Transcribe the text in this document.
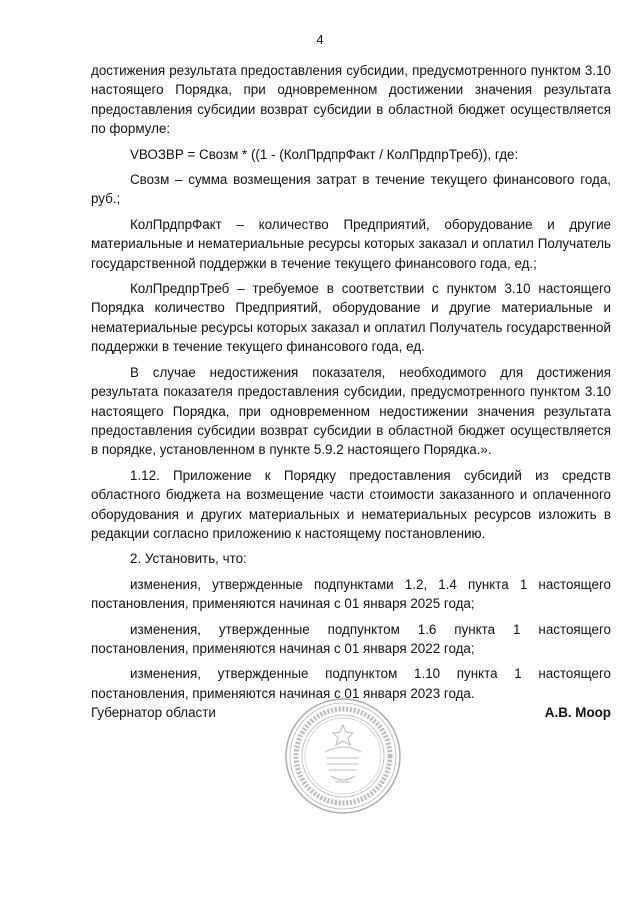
4

достижения результата предоставления субсидии, предусмотренного пунктом 3.10 настоящего Порядка, при одновременном достижении значения результата предоставления субсидии возврат субсидии в областной бюджет осуществляется по формуле:

VВОЗВР = Свозм * ((1 - (КолПрдпрФакт / КолПрдпрТреб)), где:

Свозм – сумма возмещения затрат в течение текущего финансового года, руб.;

КолПрдпрФакт – количество Предприятий, оборудование и другие материальные и нематериальные ресурсы которых заказал и оплатил Получатель государственной поддержки в течение текущего финансового года, ед.;

КолПредпрТреб – требуемое в соответствии с пунктом 3.10 настоящего Порядка количество Предприятий, оборудование и другие материальные и нематериальные ресурсы которых заказал и оплатил Получатель государственной поддержки в течение текущего финансового года, ед.

В случае недостижения показателя, необходимого для достижения результата показателя предоставления субсидии, предусмотренного пунктом 3.10 настоящего Порядка, при одновременном недостижении значения результата предоставления субсидии возврат субсидии в областной бюджет осуществляется в порядке, установленном в пункте 5.9.2 настоящего Порядка.».

1.12. Приложение к Порядку предоставления субсидий из средств областного бюджета на возмещение части стоимости заказанного и оплаченного оборудования и других материальных и нематериальных ресурсов изложить в редакции согласно приложению к настоящему постановлению.

2. Установить, что:

изменения, утвержденные подпунктами 1.2, 1.4 пункта 1 настоящего постановления, применяются начиная с 01 января 2025 года;

изменения, утвержденные подпунктом 1.6 пункта 1 настоящего постановления, применяются начиная с 01 января 2022 года;

изменения, утвержденные подпунктом 1.10 пункта 1 настоящего постановления, применяются начиная с 01 января 2023 года.

Губернатор области	А.В. Моор
